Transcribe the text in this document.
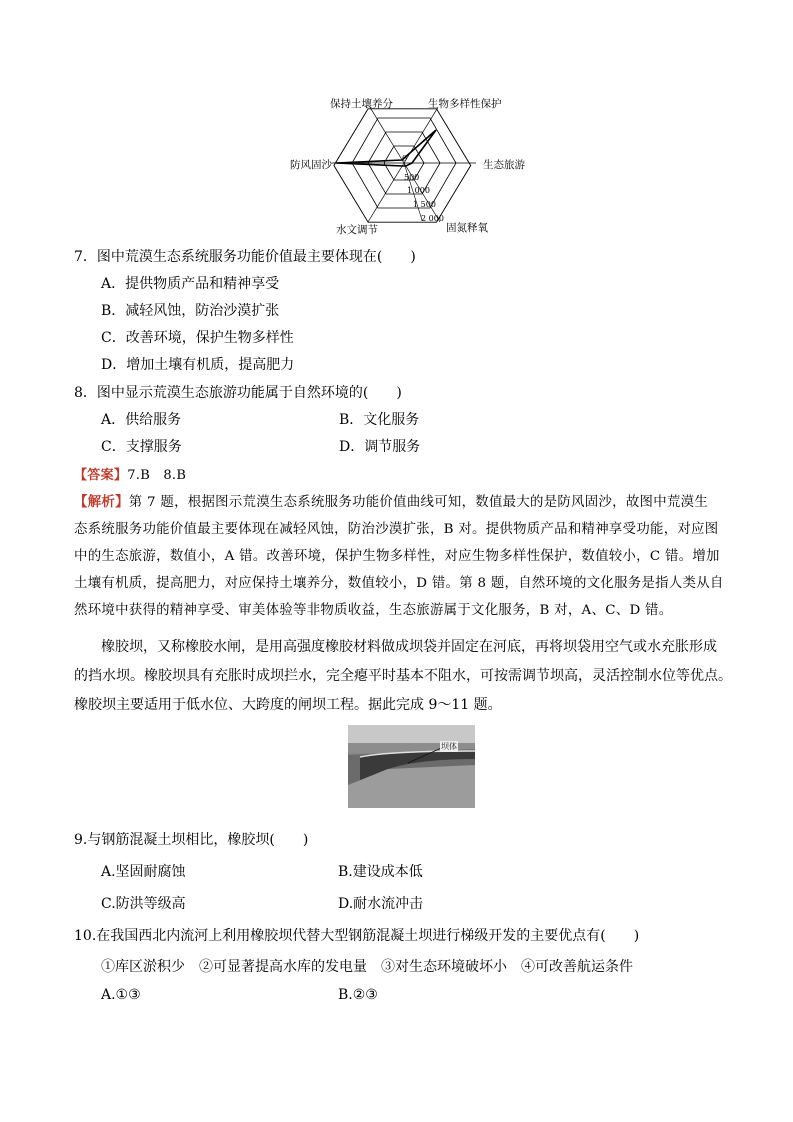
保持土壤养分	生物多样性保护
生态旅游
固氮释氧
水文调节
防风固沙
0
500
1 000
1 500
2 000
7．图中荒漠生态系统服务功能价值最主要体现在(　　)
A．提供物质产品和精神享受
B．减轻风蚀，防治沙漠扩张
C．改善环境，保护生物多样性
D．增加土壤有机质，提高肥力
8．图中显示荒漠生态旅游功能属于自然环境的(　　)
A．供给服务	B．文化服务
C．支撑服务	D．调节服务
【答案】7.B　8.B
【解析】第 7 题，根据图示荒漠生态系统服务功能价值曲线可知，数值最大的是防风固沙，故图中荒漠生
态系统服务功能价值最主要体现在减轻风蚀，防治沙漠扩张，B 对。提供物质产品和精神享受功能，对应图
中的生态旅游，数值小，A 错。改善环境，保护生物多样性，对应生物多样性保护，数值较小，C 错。增加
土壤有机质，提高肥力，对应保持土壤养分，数值较小，D 错。第 8 题，自然环境的文化服务是指人类从自
然环境中获得的精神享受、审美体验等非物质收益，生态旅游属于文化服务，B 对，A、C、D 错。
橡胶坝，又称橡胶水闸，是用高强度橡胶材料做成坝袋并固定在河底，再将坝袋用空气或水充胀形成
的挡水坝。橡胶坝具有充胀时成坝拦水，完全瘪平时基本不阻水，可按需调节坝高，灵活控制水位等优点。
橡胶坝主要适用于低水位、大跨度的闸坝工程。据此完成 9～11 题。
坝体
9.与钢筋混凝土坝相比，橡胶坝(　　)
A.坚固耐腐蚀	B.建设成本低
C.防洪等级高	D.耐水流冲击
10.在我国西北内流河上利用橡胶坝代替大型钢筋混凝土坝进行梯级开发的主要优点有(　　)
①库区淤积少　②可显著提高水库的发电量　③对生态环境破坏小　④可改善航运条件
A.①③	B.②③
